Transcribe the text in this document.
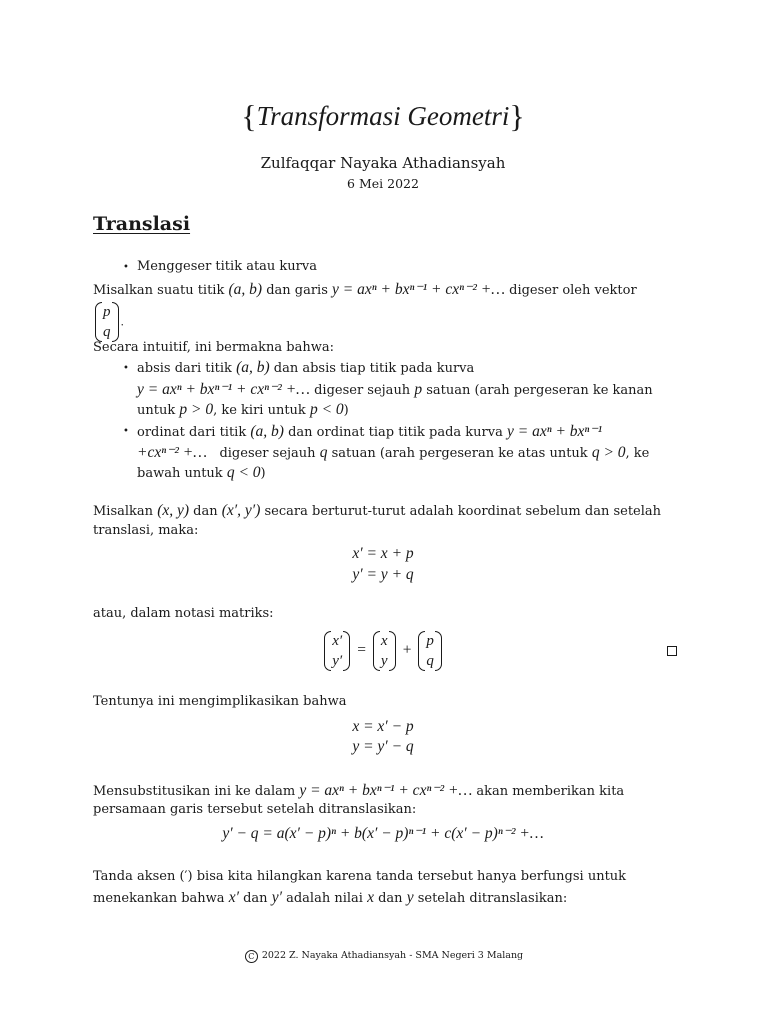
{Transformasi Geometri}
Zulfaqqar Nayaka Athadiansyah
6 Mei 2022
Translasi
• Menggeser titik atau kurva
Misalkan suatu titik (a, b) dan garis y = axⁿ + bxⁿ⁻¹ + cxⁿ⁻² +… digeser oleh vektor
p
q
.
Secara intuitif, ini bermakna bahwa:
• absis dari titik (a, b) dan absis tiap titik pada kurva
y = axⁿ + bxⁿ⁻¹ + cxⁿ⁻² +… digeser sejauh p satuan (arah pergeseran ke kanan
untuk p > 0, ke kiri untuk p < 0)
• ordinat dari titik (a, b) dan ordinat tiap titik pada kurva y = axⁿ + bxⁿ⁻¹
+cxⁿ⁻² +…   digeser sejauh q satuan (arah pergeseran ke atas untuk q > 0, ke
bawah untuk q < 0)
Misalkan (x, y) dan (x′, y′) secara berturut-turut adalah koordinat sebelum dan setelah
translasi, maka:
x′ = x + p
y′ = y + q
atau, dalam notasi matriks:
x′
y′
=
x
y
+
p
q
Tentunya ini mengimplikasikan bahwa
x = x′ − p
y = y′ − q
Mensubstitusikan ini ke dalam y = axⁿ + bxⁿ⁻¹ + cxⁿ⁻² +… akan memberikan kita
persamaan garis tersebut setelah ditranslasikan:
y′ − q = a(x′ − p)ⁿ + b(x′ − p)ⁿ⁻¹ + c(x′ − p)ⁿ⁻² +…
Tanda aksen (′) bisa kita hilangkan karena tanda tersebut hanya berfungsi untuk
menekankan bahwa x′ dan y′ adalah nilai x dan y setelah ditranslasikan:
C 2022 Z. Nayaka Athadiansyah - SMA Negeri 3 Malang
